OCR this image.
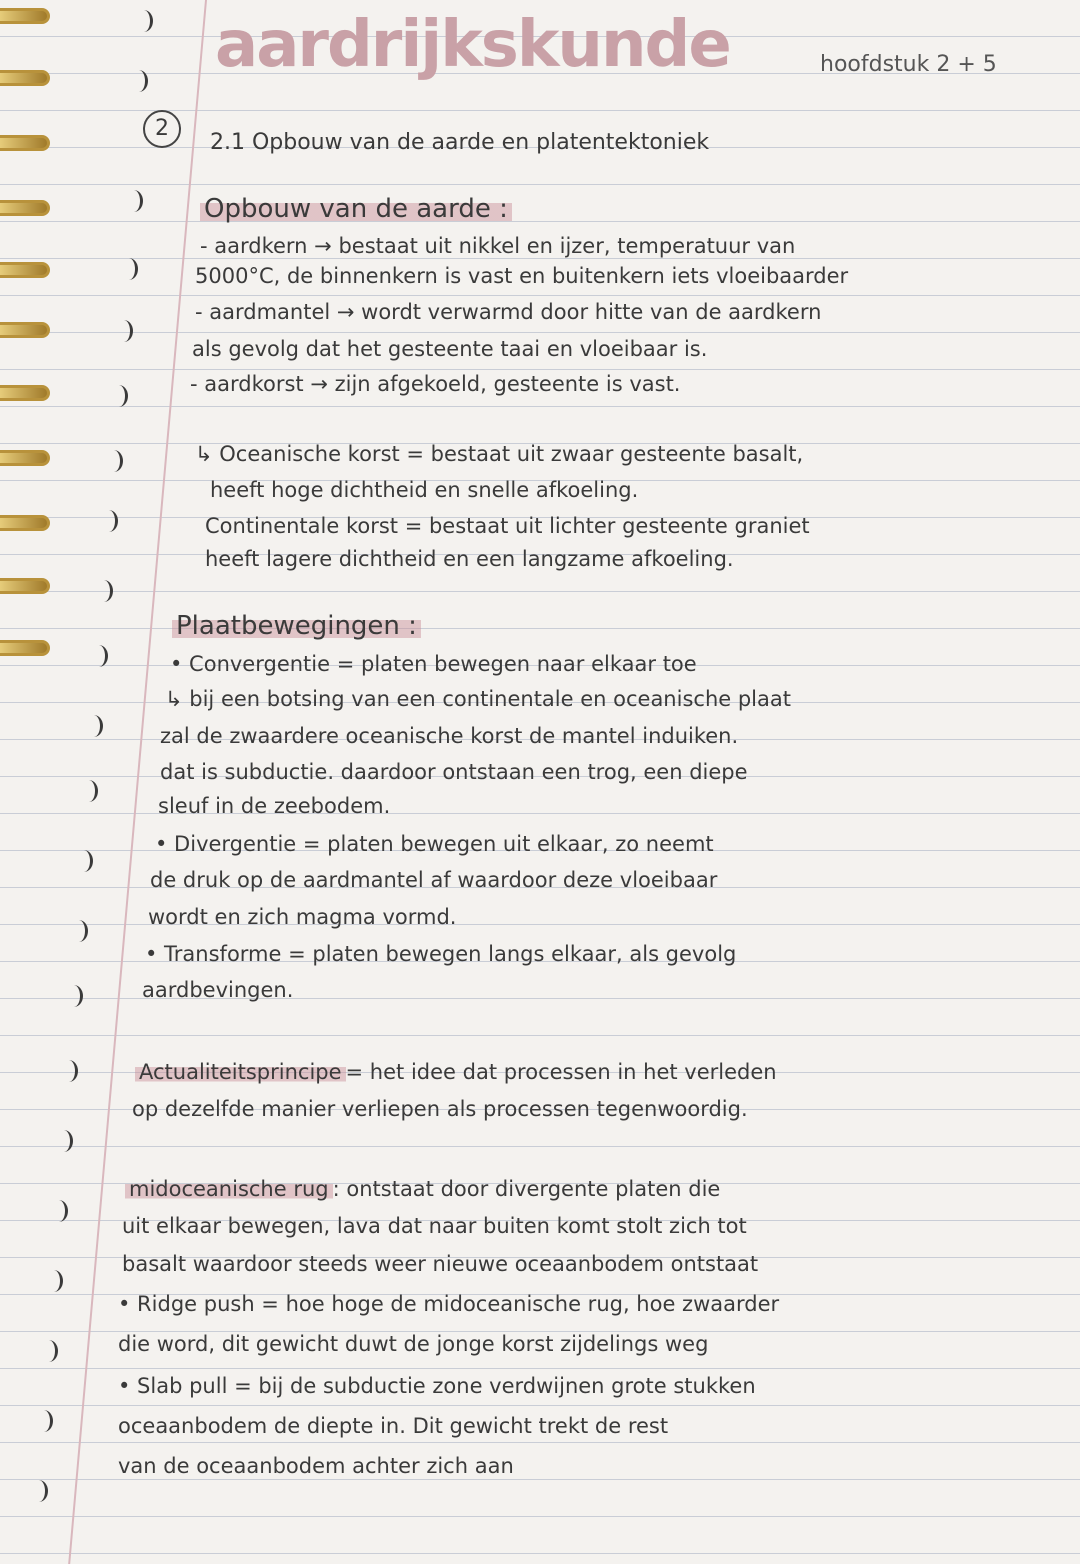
aardrijkskunde	hoofdstuk 2 + 5
2
2.1 Opbouw van de aarde en platentektoniek
Opbouw van de aarde :
- aardkern → bestaat uit nikkel en ijzer, temperatuur van
5000°C, de binnenkern is vast en buitenkern iets vloeibaarder
- aardmantel → wordt verwarmd door hitte van de aardkern
als gevolg dat het gesteente taai en vloeibaar is.
- aardkorst → zijn afgekoeld, gesteente is vast.
↳ Oceanische korst = bestaat uit zwaar gesteente basalt,
heeft hoge dichtheid en snelle afkoeling.
Continentale korst = bestaat uit lichter gesteente graniet
heeft lagere dichtheid en een langzame afkoeling.
Plaatbewegingen :
• Convergentie = platen bewegen naar elkaar toe
↳ bij een botsing van een continentale en oceanische plaat
zal de zwaardere oceanische korst de mantel induiken.
dat is subductie. daardoor ontstaan een trog, een diepe
sleuf in de zeebodem.
• Divergentie = platen bewegen uit elkaar, zo neemt
de druk op de aardmantel af waardoor deze vloeibaar
wordt en zich magma vormd.
• Transforme = platen bewegen langs elkaar, als gevolg
aardbevingen.
Actualiteitsprincipe = het idee dat processen in het verleden
op dezelfde manier verliepen als processen tegenwoordig.
midoceanische rug : ontstaat door divergente platen die
uit elkaar bewegen, lava dat naar buiten komt stolt zich tot
basalt waardoor steeds weer nieuwe oceaanbodem ontstaat
• Ridge push = hoe hoge de midoceanische rug, hoe zwaarder
die word, dit gewicht duwt de jonge korst zijdelings weg
• Slab pull = bij de subductie zone verdwijnen grote stukken
oceaanbodem de diepte in. Dit gewicht trekt de rest
van de oceaanbodem achter zich aan
